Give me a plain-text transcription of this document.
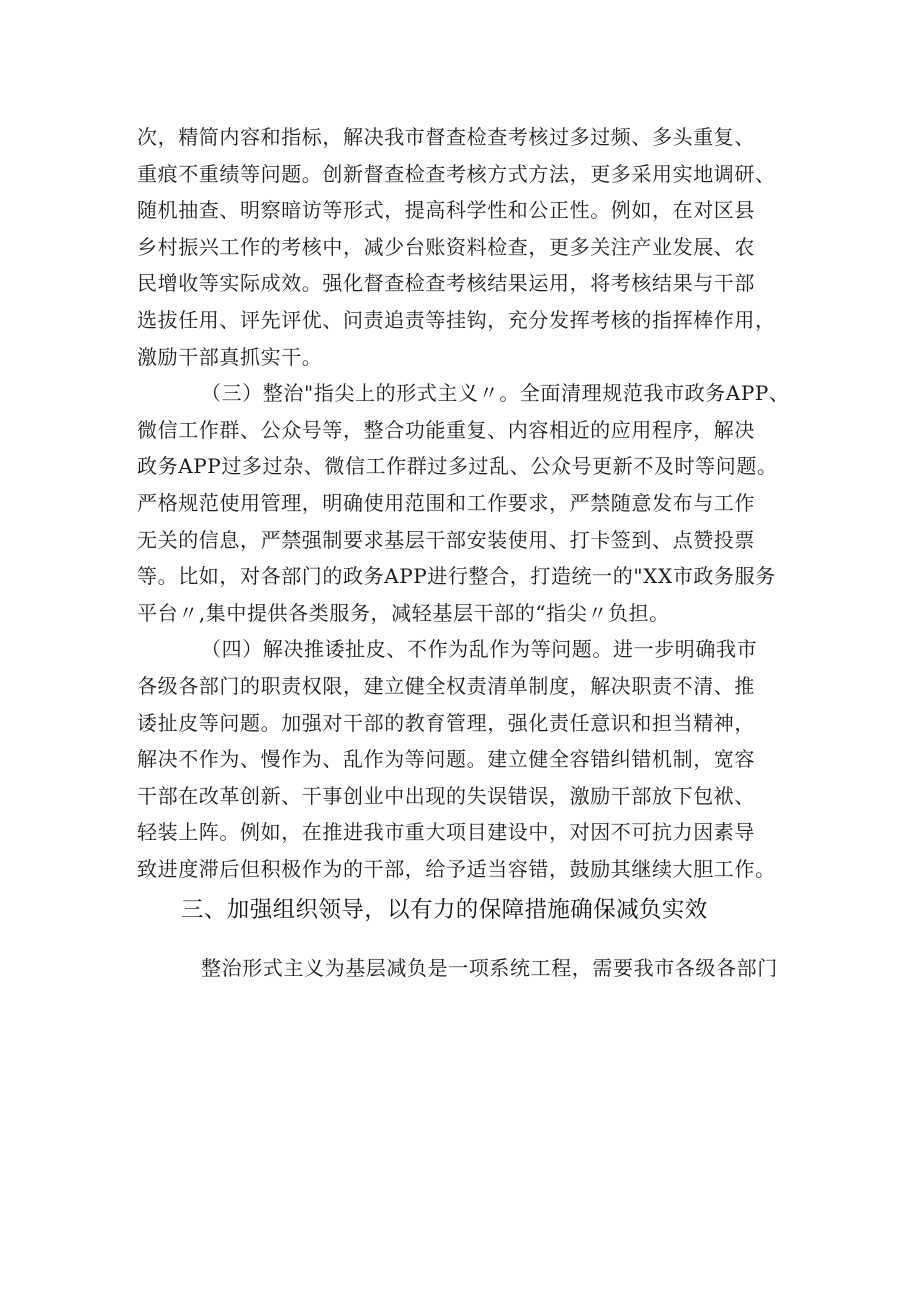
次，精简内容和指标，解决我市督查检查考核过多过频、多头重复、
重痕不重绩等问题。创新督查检查考核方式方法，更多采用实地调研、
随机抽查、明察暗访等形式，提高科学性和公正性。例如，在对区县
乡村振兴工作的考核中，减少台账资料检查，更多关注产业发展、农
民增收等实际成效。强化督查检查考核结果运用，将考核结果与干部
选拔任用、评先评优、问责追责等挂钩，充分发挥考核的指挥棒作用，
激励干部真抓实干。

（三）整治"指尖上的形式主义〃。全面清理规范我市政务APP、
微信工作群、公众号等，整合功能重复、内容相近的应用程序，解决
政务APP过多过杂、微信工作群过多过乱、公众号更新不及时等问题。
严格规范使用管理，明确使用范围和工作要求，严禁随意发布与工作
无关的信息，严禁强制要求基层干部安装使用、打卡签到、点赞投票
等。比如，对各部门的政务APP进行整合，打造统一的"XX市政务服务
平台〃,集中提供各类服务，减轻基层干部的“指尖〃负担。

（四）解决推诿扯皮、不作为乱作为等问题。进一步明确我市
各级各部门的职责权限，建立健全权责清单制度，解决职责不清、推
诿扯皮等问题。加强对干部的教育管理，强化责任意识和担当精神，
解决不作为、慢作为、乱作为等问题。建立健全容错纠错机制，宽容
干部在改革创新、干事创业中出现的失误错误，激励干部放下包袱、
轻装上阵。例如，在推进我市重大项目建设中，对因不可抗力因素导
致进度滞后但积极作为的干部，给予适当容错，鼓励其继续大胆工作。

三、加强组织领导，以有力的保障措施确保减负实效

整治形式主义为基层减负是一项系统工程，需要我市各级各部门
